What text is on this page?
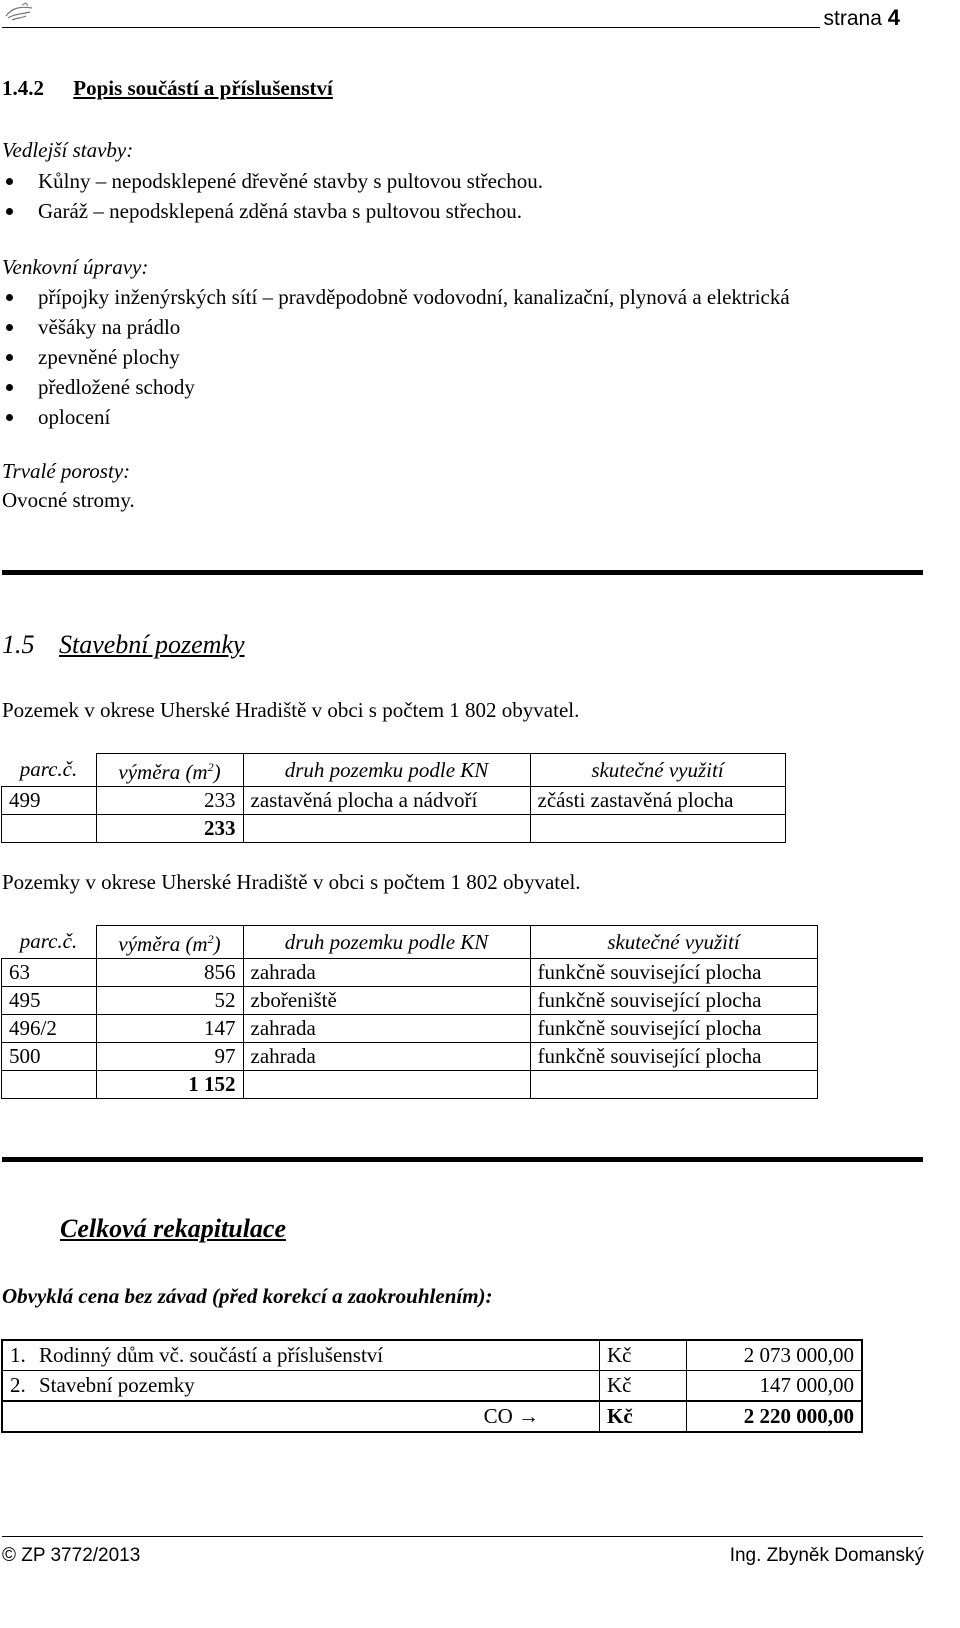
strana 4
1.4.2 Popis součástí a příslušenství
Vedlejší stavby:
Kůlny – nepodsklepené dřevěné stavby s pultovou střechou.
Garáž – nepodsklepená zděná stavba s pultovou střechou.
Venkovní úpravy:
přípojky inženýrských sítí – pravděpodobně vodovodní, kanalizační, plynová a elektrická
věšáky na prádlo
zpevněné plochy
předložené schody
oplocení
Trvalé porosty:
Ovocné stromy.
1.5 Stavební pozemky
Pozemek v okrese Uherské Hradiště v obci s počtem 1 802 obyvatel.
parc.č.	výměra $(m^2)$	druh pozemku podle KN	skutečné využití
499	233	zastavěná plocha a nádvoří	zčásti zastavěná plocha
	233		
Pozemky v okrese Uherské Hradiště v obci s počtem 1 802 obyvatel.
parc.č.	výměra $(m^2)$	druh pozemku podle KN	skutečné využití
63	856	zahrada	funkčně související plocha
495	52	zbořeniště	funkčně související plocha
496/2	147	zahrada	funkčně související plocha
500	97	zahrada	funkčně související plocha
	1 152		
Celková rekapitulace
Obvyklá cena bez závad (před korekcí a zaokrouhlením):
1. Rodinný dům vč. součástí a příslušenství	Kč	2 073 000,00
2. Stavební pozemky	Kč	147 000,00
CO →	Kč	2 220 000,00
© ZP 3772/2013	Ing. Zbyněk Domanský
